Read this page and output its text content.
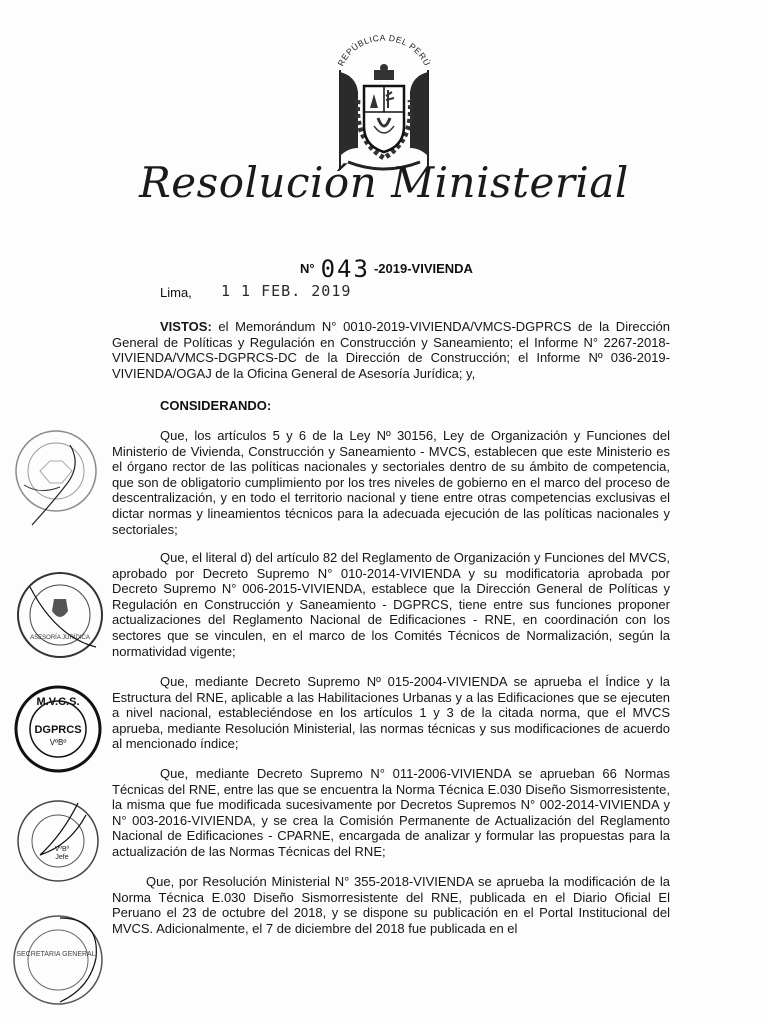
REPÚBLICA DEL PERÚ
Resolución Ministerial
N° 043 -2019-VIVIENDA
Lima, 1 1 FEB. 2019
VISTOS: el Memorándum N° 0010-2019-VIVIENDA/VMCS-DGPRCS de la Dirección General de Políticas y Regulación en Construcción y Saneamiento; el Informe N° 2267-2018-VIVIENDA/VMCS-DGPRCS-DC de la Dirección de Construcción; el Informe Nº 036-2019-VIVIENDA/OGAJ de la Oficina General de Asesoría Jurídica; y,
CONSIDERANDO:
Que, los artículos 5 y 6 de la Ley Nº 30156, Ley de Organización y Funciones del Ministerio de Vivienda, Construcción y Saneamiento - MVCS, establecen que este Ministerio es el órgano rector de las políticas nacionales y sectoriales dentro de su ámbito de competencia, que son de obligatorio cumplimiento por los tres niveles de gobierno en el marco del proceso de descentralización, y en todo el territorio nacional y tiene entre otras competencias exclusivas el dictar normas y lineamientos técnicos para la adecuada ejecución de las políticas nacionales y sectoriales;
Que, el literal d) del artículo 82 del Reglamento de Organización y Funciones del MVCS, aprobado por Decreto Supremo N° 010-2014-VIVIENDA y su modificatoria aprobada por Decreto Supremo N° 006-2015-VIVIENDA, establece que la Dirección General de Políticas y Regulación en Construcción y Saneamiento - DGPRCS, tiene entre sus funciones proponer actualizaciones del Reglamento Nacional de Edificaciones - RNE, en coordinación con los sectores que se vinculen, en el marco de los Comités Técnicos de Normalización, según la normatividad vigente;
Que, mediante Decreto Supremo Nº 015-2004-VIVIENDA se aprueba el Índice y la Estructura del RNE, aplicable a las Habilitaciones Urbanas y a las Edificaciones que se ejecuten a nivel nacional, estableciéndose en los artículos 1 y 3 de la citada norma, que el MVCS aprueba, mediante Resolución Ministerial, las normas técnicas y sus modificaciones de acuerdo al mencionado índice;
Que, mediante Decreto Supremo N° 011-2006-VIVIENDA se aprueban 66 Normas Técnicas del RNE, entre las que se encuentra la Norma Técnica E.030 Diseño Sismorresistente, la misma que fue modificada sucesivamente por Decretos Supremos N° 002-2014-VIVIENDA y N° 003-2016-VIVIENDA, y se crea la Comisión Permanente de Actualización del Reglamento Nacional de Edificaciones - CPARNE, encargada de analizar y formular las propuestas para la actualización de las Normas Técnicas del RNE;
Que, por Resolución Ministerial N° 355-2018-VIVIENDA se aprueba la modificación de la Norma Técnica E.030 Diseño Sismorresistente del RNE, publicada en el Diario Oficial El Peruano el 23 de octubre del 2018, y se dispone su publicación en el Portal Institucional del MVCS. Adicionalmente, el 7 de diciembre del 2018 fue publicada en el
ASESORÍA JURÍDICA
M.V.C.S.
DGPRCS
VºBº
VºBº
Jefe
SECRETARIA GENERAL
